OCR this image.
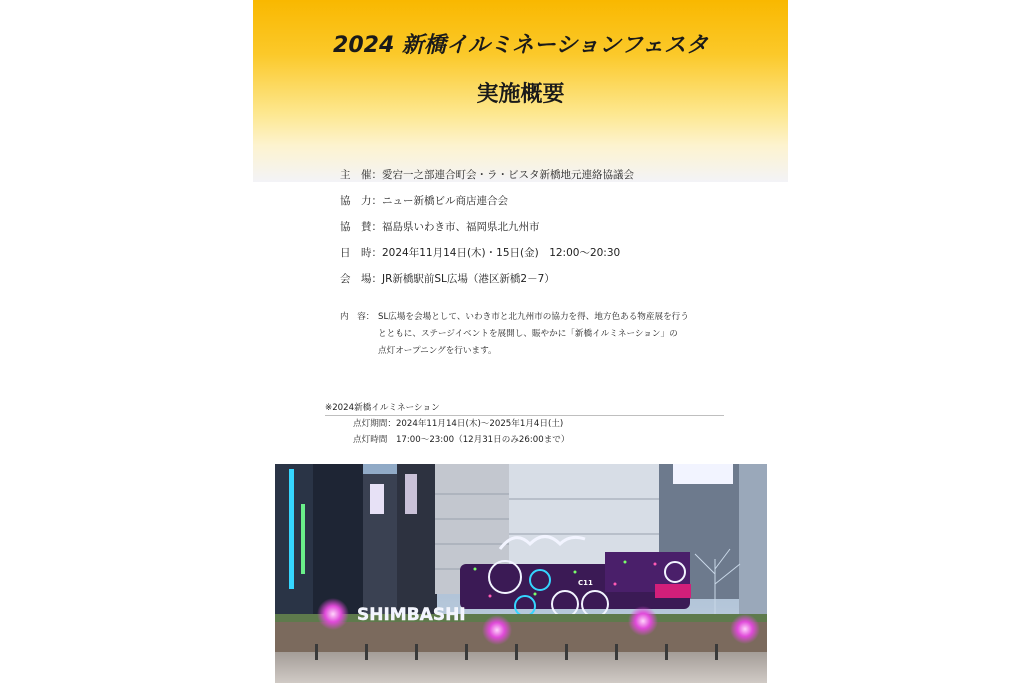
2024 新橋イルミネーションフェスタ
実施概要
主　催：愛宕一之部連合町会・ラ・ビスタ新橋地元連絡協議会
協　力：ニュー新橋ビル商店連合会
協　賛：福島県いわき市、福岡県北九州市
日　時：2024年11月14日(木)・15日(金)　12:00〜20:30
会　場：JR新橋駅前SL広場（港区新橋2－7）
内　容： SL広場を会場として、いわき市と北九州市の協力を得、地方色ある物産展を行う
とともに、ステージイベントを展開し、賑やかに「新橋イルミネーション」の
点灯オープニングを行います。
※2024新橋イルミネーション
点灯期間：2024年11月14日(木)〜2025年1月4日(土)
点灯時間　17:00〜23:00（12月31日のみ26:00まで）
C11
SHIMBASHI
